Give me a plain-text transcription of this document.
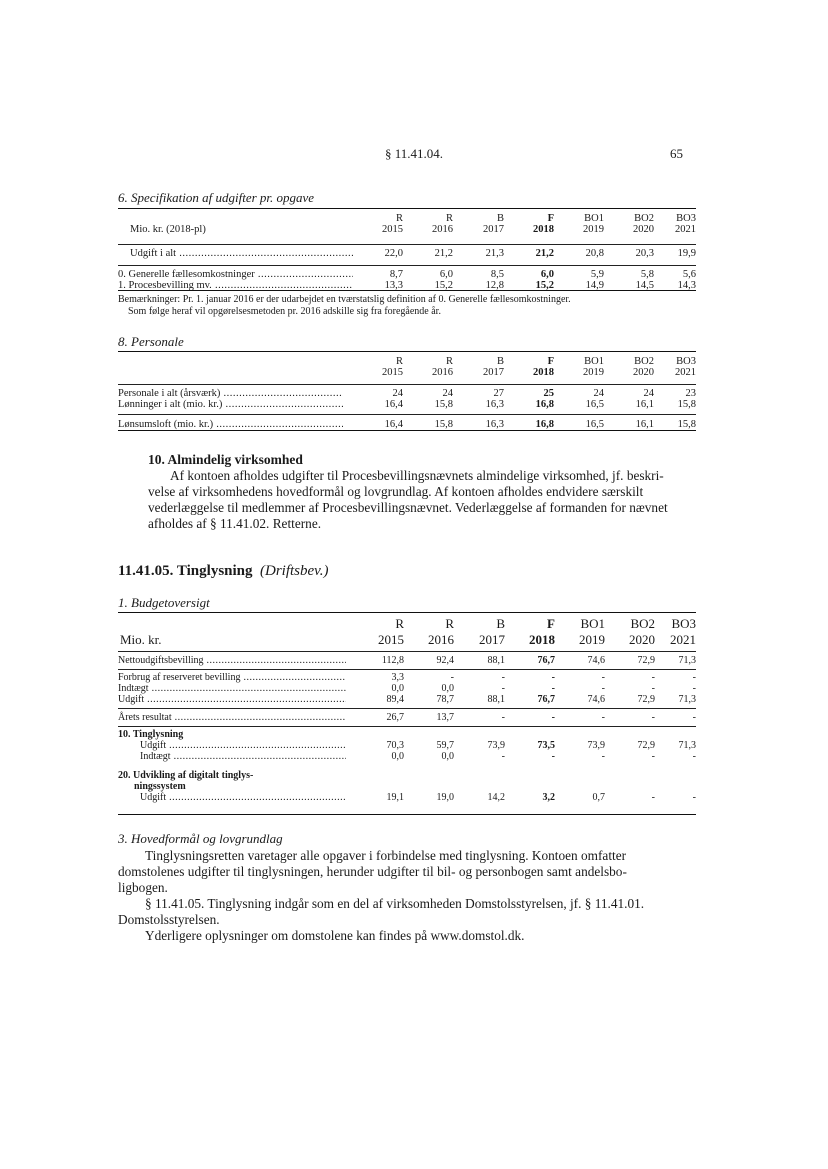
§ 11.41.04.	65
6. Specifikation af udgifter pr. opgave
	R	R	B	F	BO1	BO2	BO3
Mio. kr. (2018-pl)	2015	2016	2017	2018	2019	2020	2021

Udgift i alt .....	22,0	21,2	21,3	21,2	20,8	20,3	19,9

0. Generelle fællesomkostninger .....	8,7	6,0	8,5	6,0	5,9	5,8	5,6
1. Procesbevilling mv. .....	13,3	15,2	12,8	15,2	14,9	14,5	14,3
Bemærkninger: Pr. 1. januar 2016 er der udarbejdet en tværstatslig definition af 0. Generelle fællesomkostninger.
Som følge heraf vil opgørelsesmetoden pr. 2016 adskille sig fra foregående år.
8. Personale
	R	R	B	F	BO1	BO2	BO3
	2015	2016	2017	2018	2019	2020	2021

Personale i alt (årsværk) .....	24	24	27	25	24	24	23
Lønninger i alt (mio. kr.) .....	16,4	15,8	16,3	16,8	16,5	16,1	15,8

Lønsumsloft (mio. kr.) .....	16,4	15,8	16,3	16,8	16,5	16,1	15,8
10. Almindelig virksomhed
Af kontoen afholdes udgifter til Procesbevillingsnævnets almindelige virksomhed, jf. beskri-
velse af virksomhedens hovedformål og lovgrundlag. Af kontoen afholdes endvidere særskilt
vederlæggelse til medlemmer af Procesbevillingsnævnet. Vederlæggelse af formanden for nævnet
afholdes af § 11.41.02. Retterne.
11.41.05. Tinglysning (Driftsbev.)
1. Budgetoversigt
	R	R	B	F	BO1	BO2	BO3
Mio. kr.	2015	2016	2017	2018	2019	2020	2021

Nettoudgiftsbevilling .....	112,8	92,4	88,1	76,7	74,6	72,9	71,3

Forbrug af reserveret bevilling .....	3,3	-	-	-	-	-	-
Indtægt .....	0,0	0,0	-	-	-	-	-
Udgift .....	89,4	78,7	88,1	76,7	74,6	72,9	71,3

Årets resultat .....	26,7	13,7	-	-	-	-	-

10. Tinglysning							
Udgift .....	70,3	59,7	73,9	73,5	73,9	72,9	71,3
Indtægt .....	0,0	0,0	-	-	-	-	-

20. Udvikling af digitalt tinglys-
ningssystem							
Udgift .....	19,1	19,0	14,2	3,2	0,7	-	-
3. Hovedformål og lovgrundlag
Tinglysningsretten varetager alle opgaver i forbindelse med tinglysning. Kontoen omfatter
domstolenes udgifter til tinglysningen, herunder udgifter til bil- og personbogen samt andelsbo-
ligbogen.
§ 11.41.05. Tinglysning indgår som en del af virksomheden Domstolsstyrelsen, jf. § 11.41.01.
Domstolsstyrelsen.
Yderligere oplysninger om domstolene kan findes på www.domstol.dk.
